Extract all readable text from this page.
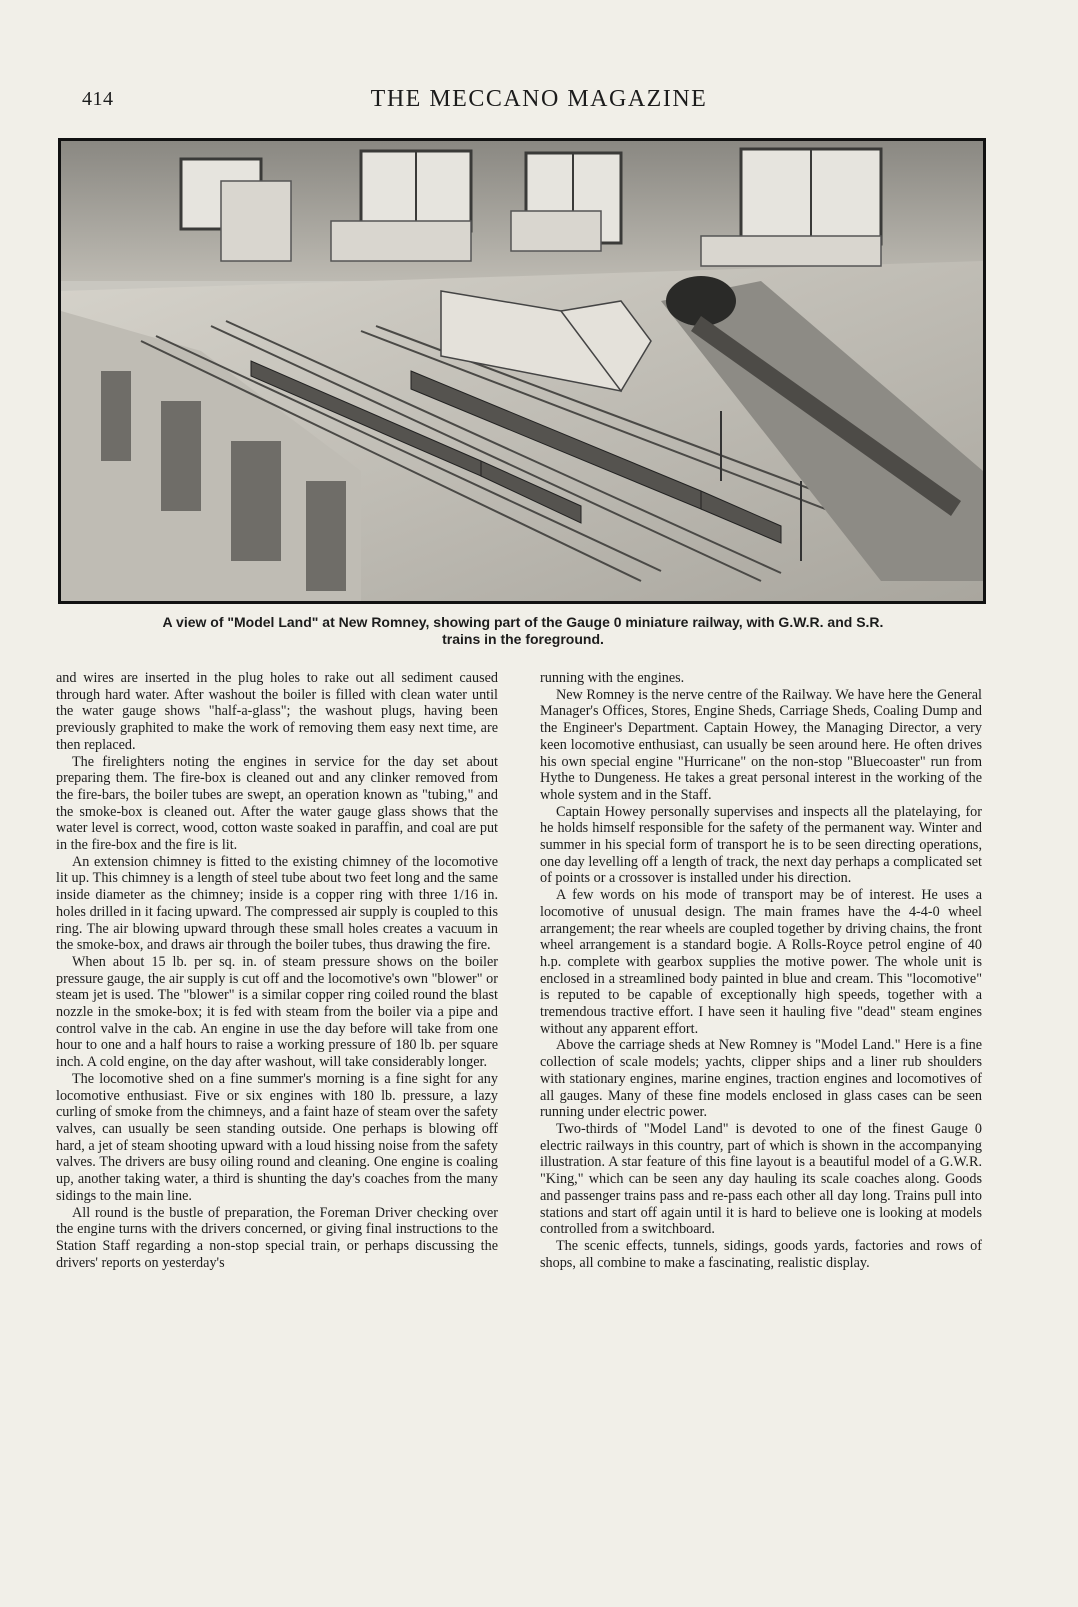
414	THE MECCANO MAGAZINE
A view of "Model Land" at New Romney, showing part of the Gauge 0 miniature railway, with G.W.R. and S.R.
trains in the foreground.

and wires are inserted in the plug holes to rake out all sediment caused through hard water. After washout the boiler is filled with clean water until the water gauge shows "half-a-glass"; the washout plugs, having been previously graphited to make the work of removing them easy next time, are then replaced.

The firelighters noting the engines in service for the day set about preparing them. The fire-box is cleaned out and any clinker removed from the fire-bars, the boiler tubes are swept, an operation known as "tubing," and the smoke-box is cleaned out. After the water gauge glass shows that the water level is correct, wood, cotton waste soaked in paraffin, and coal are put in the fire-box and the fire is lit.

An extension chimney is fitted to the existing chimney of the locomotive lit up. This chimney is a length of steel tube about two feet long and the same inside diameter as the chimney; inside is a copper ring with three 1/16 in. holes drilled in it facing upward. The compressed air supply is coupled to this ring. The air blowing upward through these small holes creates a vacuum in the smoke-box, and draws air through the boiler tubes, thus drawing the fire.

When about 15 lb. per sq. in. of steam pressure shows on the boiler pressure gauge, the air supply is cut off and the locomotive's own "blower" or steam jet is used. The "blower" is a similar copper ring coiled round the blast nozzle in the smoke-box; it is fed with steam from the boiler via a pipe and control valve in the cab. An engine in use the day before will take from one hour to one and a half hours to raise a working pressure of 180 lb. per square inch. A cold engine, on the day after washout, will take considerably longer.

The locomotive shed on a fine summer's morning is a fine sight for any locomotive enthusiast. Five or six engines with 180 lb. pressure, a lazy curling of smoke from the chimneys, and a faint haze of steam over the safety valves, can usually be seen standing outside. One perhaps is blowing off hard, a jet of steam shooting upward with a loud hissing noise from the safety valves. The drivers are busy oiling round and cleaning. One engine is coaling up, another taking water, a third is shunting the day's coaches from the many sidings to the main line.

All round is the bustle of preparation, the Foreman Driver checking over the engine turns with the drivers concerned, or giving final instructions to the Station Staff regarding a non-stop special train, or perhaps discussing the drivers' reports on yesterday's

running with the engines.

New Romney is the nerve centre of the Railway. We have here the General Manager's Offices, Stores, Engine Sheds, Carriage Sheds, Coaling Dump and the Engineer's Department. Captain Howey, the Managing Director, a very keen locomotive enthusiast, can usually be seen around here. He often drives his own special engine "Hurricane" on the non-stop "Bluecoaster" run from Hythe to Dungeness. He takes a great personal interest in the working of the whole system and in the Staff.

Captain Howey personally supervises and inspects all the platelaying, for he holds himself responsible for the safety of the permanent way. Winter and summer in his special form of transport he is to be seen directing operations, one day levelling off a length of track, the next day perhaps a complicated set of points or a crossover is installed under his direction.

A few words on his mode of transport may be of interest. He uses a locomotive of unusual design. The main frames have the 4-4-0 wheel arrangement; the rear wheels are coupled together by driving chains, the front wheel arrangement is a standard bogie. A Rolls-Royce petrol engine of 40 h.p. complete with gearbox supplies the motive power. The whole unit is enclosed in a streamlined body painted in blue and cream. This "locomotive" is reputed to be capable of exceptionally high speeds, together with a tremendous tractive effort. I have seen it hauling five "dead" steam engines without any apparent effort.

Above the carriage sheds at New Romney is "Model Land." Here is a fine collection of scale models; yachts, clipper ships and a liner rub shoulders with stationary engines, marine engines, traction engines and locomotives of all gauges. Many of these fine models enclosed in glass cases can be seen running under electric power.

Two-thirds of "Model Land" is devoted to one of the finest Gauge 0 electric railways in this country, part of which is shown in the accompanying illustration. A star feature of this fine layout is a beautiful model of a G.W.R. "King," which can be seen any day hauling its scale coaches along. Goods and passenger trains pass and re-pass each other all day long. Trains pull into stations and start off again until it is hard to believe one is looking at models controlled from a switchboard.

The scenic effects, tunnels, sidings, goods yards, factories and rows of shops, all combine to make a fascinating, realistic display.
